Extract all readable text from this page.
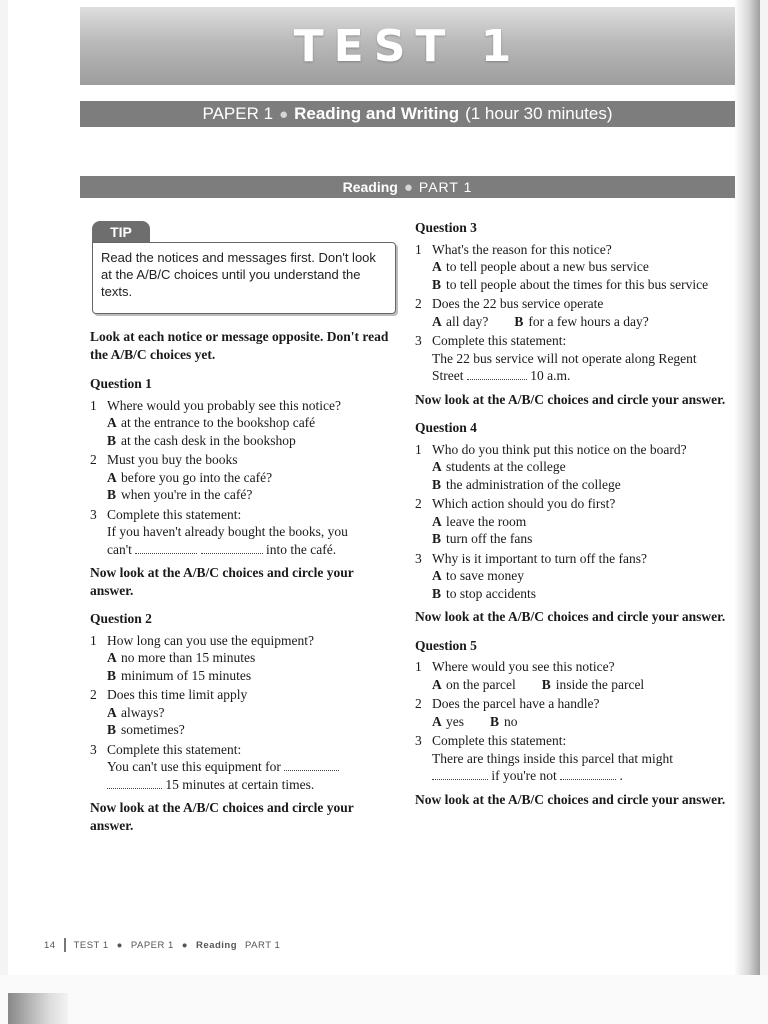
TEST 1
PAPER 1 ● Reading and Writing (1 hour 30 minutes)
Reading ● PART 1
TIP
Read the notices and messages first. Don't look at the A/B/C choices until you understand the texts.
Look at each notice or message opposite. Don't read the A/B/C choices yet.
Question 1
1 Where would you probably see this notice?
A at the entrance to the bookshop café
B at the cash desk in the bookshop
2 Must you buy the books
A before you go into the café?
B when you're in the café?
3 Complete this statement:
If you haven't already bought the books, you
can't	into the café.
Now look at the A/B/C choices and circle your answer.
Question 2
1 How long can you use the equipment?
A no more than 15 minutes
B minimum of 15 minutes
2 Does this time limit apply
A always?
B sometimes?
3 Complete this statement:
You can't use this equipment for
15 minutes at certain times.
Now look at the A/B/C choices and circle your answer.
Question 3
1 What's the reason for this notice?
A to tell people about a new bus service
B to tell people about the times for this bus service
2 Does the 22 bus service operate
A all day? B for a few hours a day?
3 Complete this statement:
The 22 bus service will not operate along Regent
Street	10 a.m.
Now look at the A/B/C choices and circle your answer.
Question 4
1 Who do you think put this notice on the board?
A students at the college
B the administration of the college
2 Which action should you do first?
A leave the room
B turn off the fans
3 Why is it important to turn off the fans?
A to save money
B to stop accidents
Now look at the A/B/C choices and circle your answer.
Question 5
1 Where would you see this notice?
A on the parcel B inside the parcel
2 Does the parcel have a handle?
A yes B no
3 Complete this statement:
There are things inside this parcel that might
if you're not	.
Now look at the A/B/C choices and circle your answer.
14 TEST 1 ● PAPER 1 ● Reading PART 1
